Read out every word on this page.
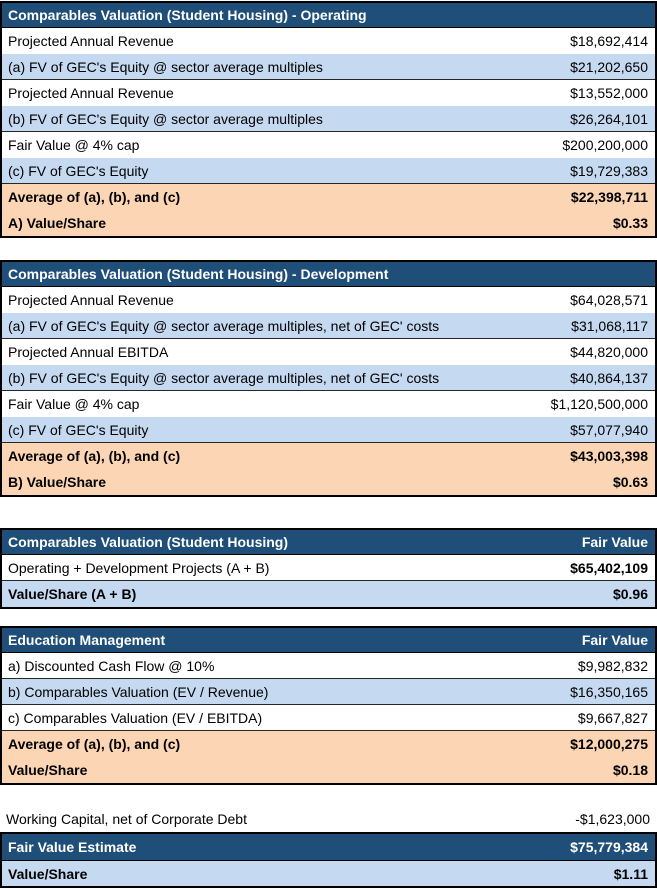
Comparables Valuation (Student Housing) - Operating
Projected Annual Revenue	$18,692,414
(a) FV of GEC's Equity @ sector average multiples	$21,202,650
Projected Annual Revenue	$13,552,000
(b) FV of GEC's Equity @ sector average multiples	$26,264,101
Fair Value @ 4% cap	$200,200,000
(c) FV of GEC's Equity	$19,729,383
Average of (a), (b), and (c)	$22,398,711
A) Value/Share	$0.33
Comparables Valuation (Student Housing) - Development
Projected Annual Revenue	$64,028,571
(a) FV of GEC's Equity @ sector average multiples, net of GEC' costs	$31,068,117
Projected Annual EBITDA	$44,820,000
(b) FV of GEC's Equity @ sector average multiples, net of GEC' costs	$40,864,137
Fair Value @ 4% cap	$1,120,500,000
(c) FV of GEC's Equity	$57,077,940
Average of (a), (b), and (c)	$43,003,398
B) Value/Share	$0.63
Comparables Valuation (Student Housing)	Fair Value
Operating + Development Projects (A + B)	$65,402,109
Value/Share (A + B)	$0.96
Education Management	Fair Value
a) Discounted Cash Flow @ 10%	$9,982,832
b) Comparables Valuation (EV / Revenue)	$16,350,165
c) Comparables Valuation (EV / EBITDA)	$9,667,827
Average of (a), (b), and (c)	$12,000,275
Value/Share	$0.18
Working Capital, net of Corporate Debt	-$1,623,000
Fair Value Estimate	$75,779,384
Value/Share	$1.11
